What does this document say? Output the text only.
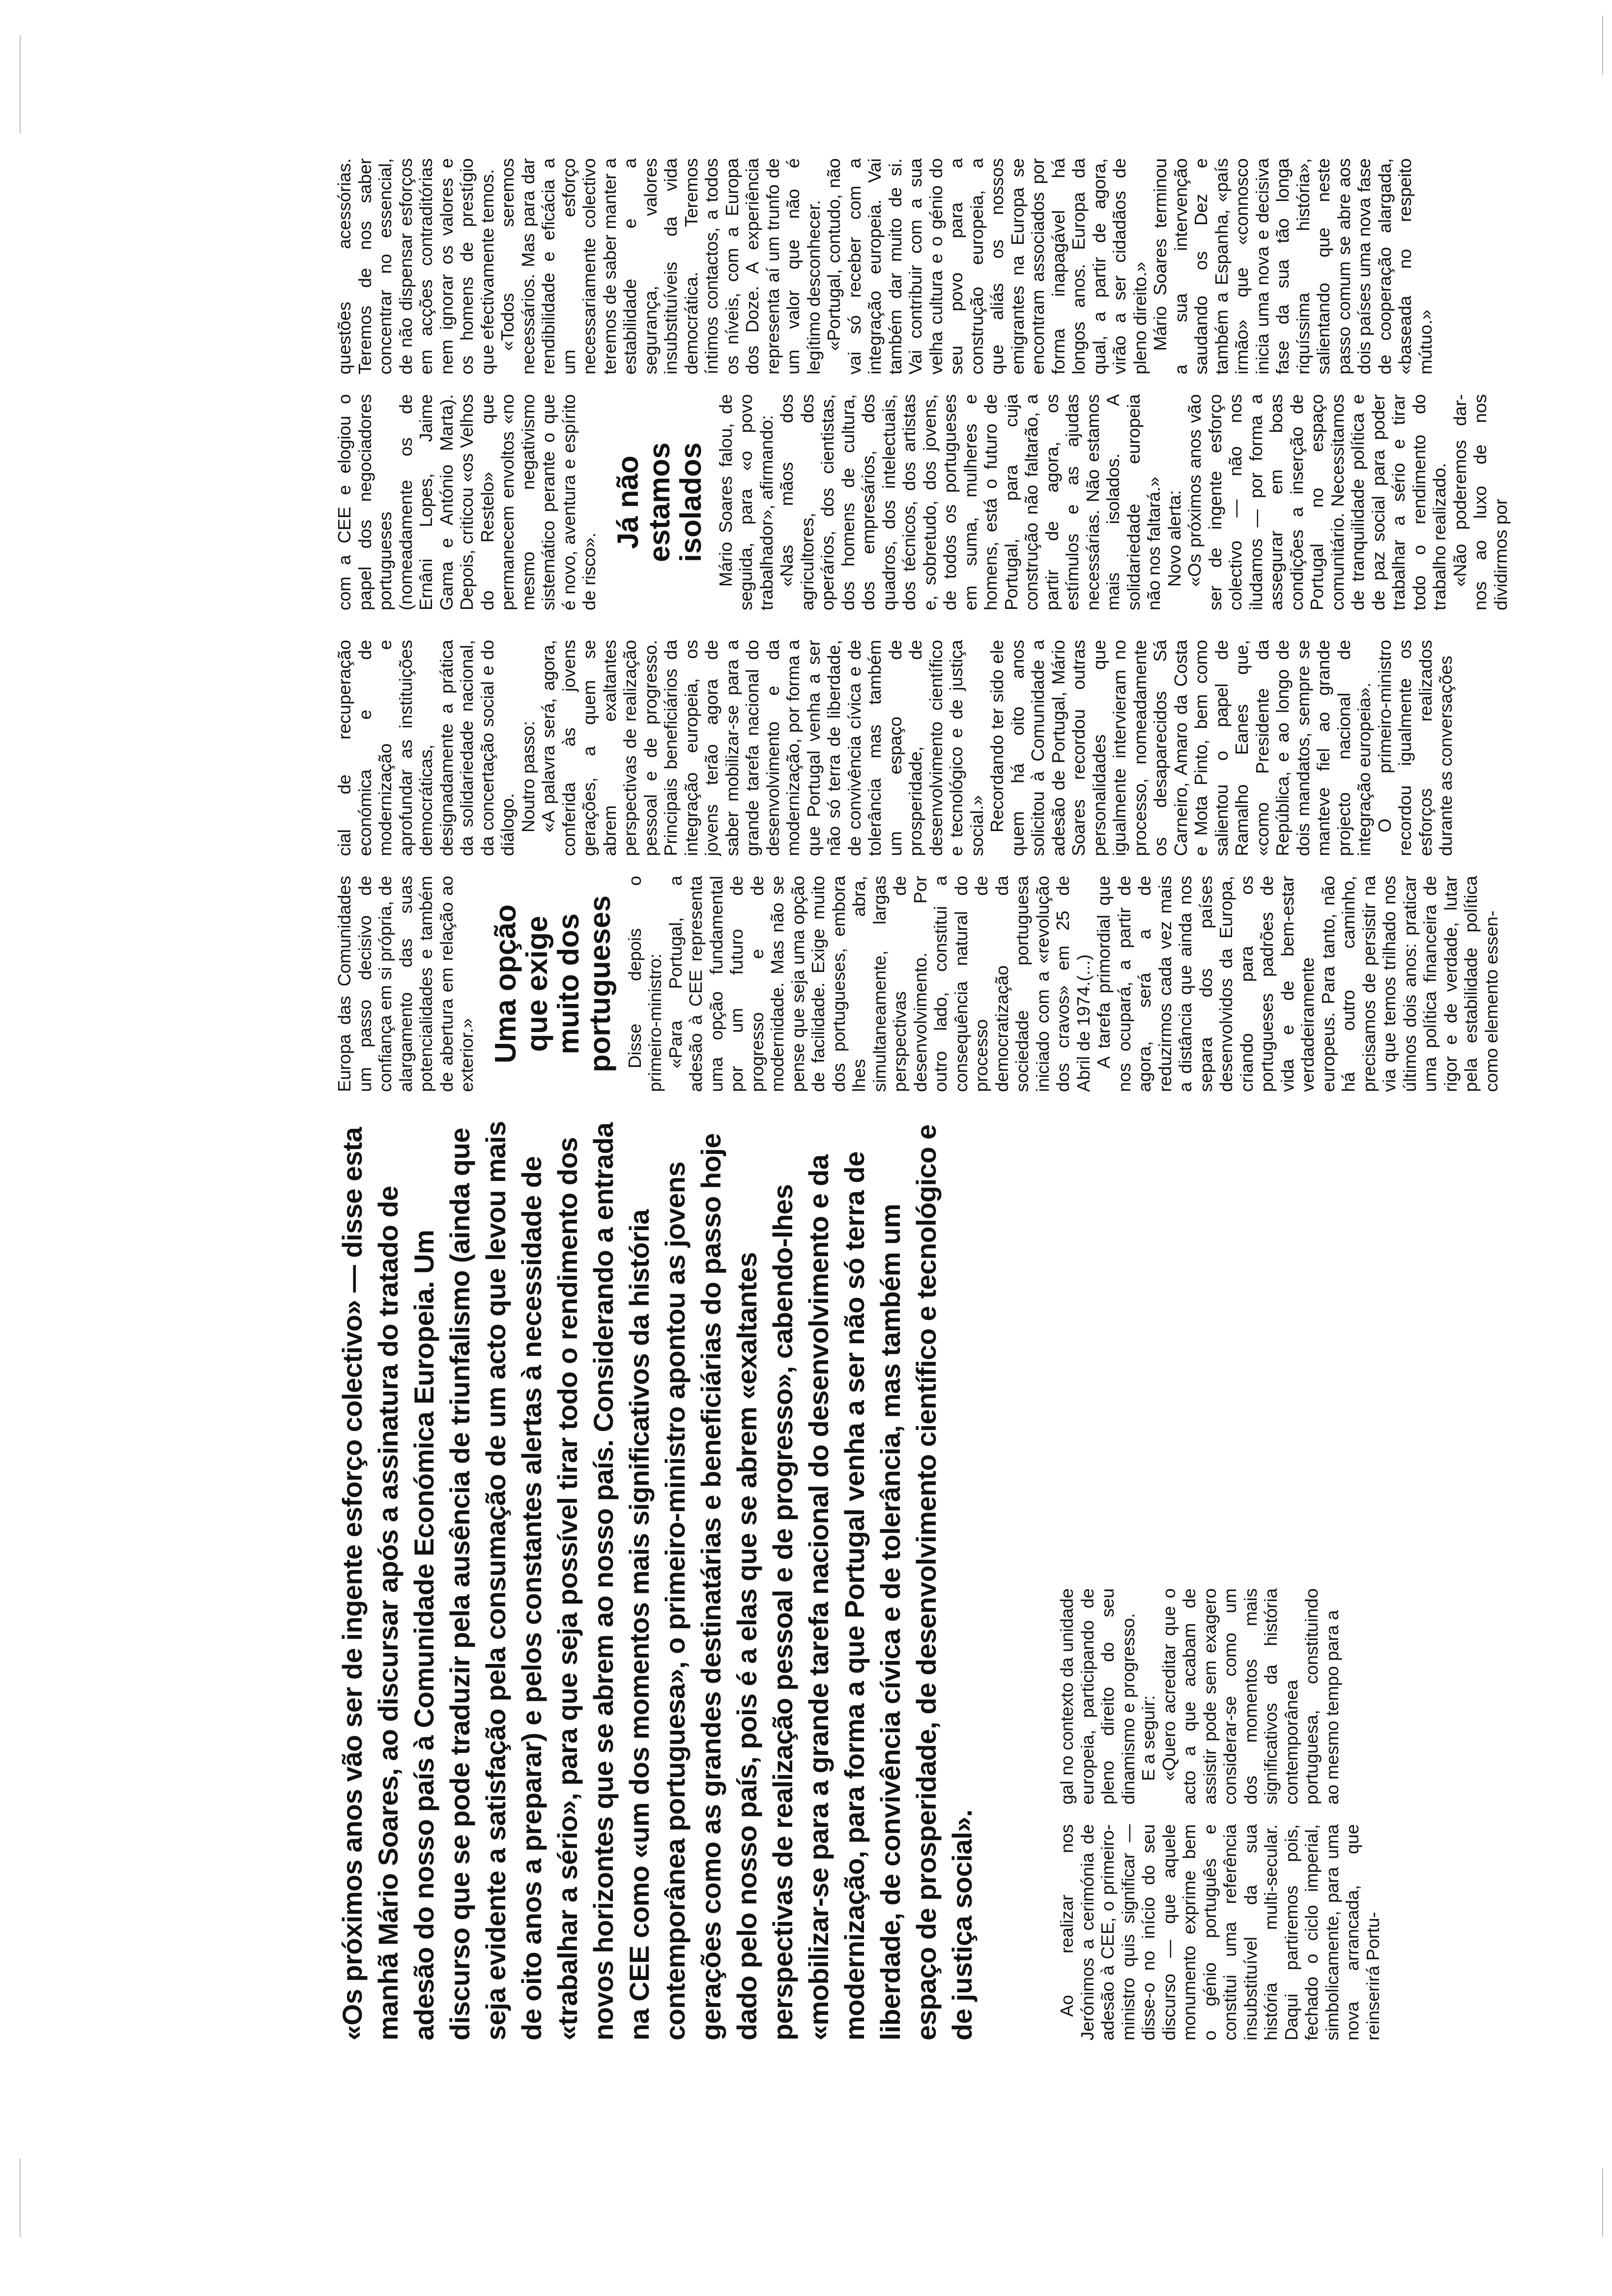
«Os próximos anos vão ser de ingente esforço colectivo» — disse esta manhã Mário Soares, ao discursar após a assinatura do tratado de adesão do nosso país à Comunidade Económica Europeia. Um discurso que se pode traduzir pela ausência de triunfalismo (ainda que seja evidente a satisfação pela consumação de um acto que levou mais de oito anos a preparar) e pelos constantes alertas à necessidade de «trabalhar a sério», para que seja possível tirar todo o rendimento dos novos horizontes que se abrem ao nosso país. Considerando a entrada na CEE como «um dos momentos mais significativos da história contemporânea portuguesa», o primeiro-ministro apontou as jovens gerações como as grandes destinatárias e beneficiárias do passo hoje dado pelo nosso país, pois é a elas que se abrem «exaltantes perspectivas de realização pessoal e de progresso», cabendo-lhes «mobilizar-se para a grande tarefa nacional do desenvolvimento e da modernização, para forma a que Portugal venha a ser não só terra de liberdade, de convivência cívica e de tolerância, mas também um espaço de prosperidade, de desenvolvimento científico e tecnológico e de justiça social».	Ao realizar nos Jerónimos a cerimónia de adesão à CEE, o primeiro-ministro quis significar — disse-o no início do seu discurso — que aquele monumento exprime bem o génio português e constitui uma referência insubstituível da sua história multi-secular. Daqui partiremos pois, fechado o ciclo imperial, simbolicamente, para uma nova arrancada, que reinserirá Portu-

gal no contexto da unidade europeia, participando de pleno direito do seu dinamismo e progresso. E a seguir: «Quero acreditar que o acto a que acabam de assistir pode sem exagero considerar-se como um dos momentos mais significativos da história contemporânea portuguesa, constituindo ao mesmo tempo para a

Europa das Comunidades um passo decisivo de confiança em si própria, de alargamento das suas potencialidades e também de abertura em relação ao exterior.» Uma opção que exige muito dos portugueses Disse depois o primeiro-ministro: «Para Portugal, a adesão à CEE representa uma opção fundamental por um futuro de progresso e de modernidade. Mas não se pense que seja uma opção de facilidade. Exige muito dos portugueses, embora lhes abra, simultaneamente, largas perspectivas de desenvolvimento. Por outro lado, constitui a consequência natural do processo de democratização da sociedade portuguesa iniciado com a «revolução dos cravos» em 25 de Abril de 1974.(...) A tarefa primordial que nos ocupará, a partir de agora, será a de reduzirmos cada vez mais a distância que ainda nos separa dos países desenvolvidos da Europa, criando para os portugueses padrões de vida e de bem-estar verdadeiramente europeus. Para tanto, não há outro caminho, precisamos de persistir na via que temos trilhado nos últimos dois anos: praticar uma política financeira de rigor e de verdade, lutar pela estabilidade política como elemento essen-

cial de recuperação económica e de modernização e aprofundar as instituições democráticas, designadamente a prática da solidariedade nacional, da concertação social e do diálogo. Noutro passo: «A palavra será, agora, conferida às jovens gerações, a quem se abrem exaltantes perspectivas de realização pessoal e de progresso. Principais beneficiários da integração europeia, os jovens terão agora de saber mobilizar-se para a grande tarefa nacional do desenvolvimento e da modernização, por forma a que Portugal venha a ser não só terra de liberdade, de convivência cívica e de tolerância mas também um espaço de prosperidade, de desenvolvimento científico e tecnológico e de justiça social.» Recordando ter sido ele quem há oito anos solicitou à Comunidade a adesão de Portugal, Mário Soares recordou outras personalidades que igualmente intervieram no processo, nomeadamente os desaparecidos Sá Carneiro, Amaro da Costa e Mota Pinto, bem como salientou o papel de Ramalho Eanes que, «como Presidente da República, e ao longo de dois mandatos, sempre se manteve fiel ao grande projecto nacional de integração europeia». O primeiro-ministro recordou igualmente os esforços realizados durante as conversações

com a CEE e elogiou o papel dos negociadores portugueses (nomeadamente os de Ernâni Lopes, Jaime Gama e António Marta). Depois, criticou «os Velhos do Restelo» que permanecem envoltos «no mesmo negativismo sistemático perante o que é novo, aventura e espírito de risco».

Já não estamos isolados Mário Soares falou, de seguida, para «o povo trabalhador», afirmando: «Nas mãos dos agricultores, dos operários, dos cientistas, dos homens de cultura, dos empresários, dos quadros, dos intelectuais, dos técnicos, dos artistas e, sobretudo, dos jovens, de todos os portugueses em suma, mulheres e homens, está o futuro de Portugal, para cuja construção não faltarão, a partir de agora, os estímulos e as ajudas necessárias. Não estamos mais isolados. A solidariedade europeia não nos faltará.» Novo alerta: «Os próximos anos vão ser de ingente esforço colectivo — não nos iludamos — por forma a assegurar em boas condições a inserção de Portugal no espaço comunitário. Necessitamos de tranquilidade política e de paz social para poder trabalhar a sério e tirar todo o rendimento do trabalho realizado. «Não poderemos dar-nos ao luxo de nos dividirmos por

questões acessórias. Teremos de nos saber concentrar no essencial, de não dispensar esforços em acções contraditórias nem ignorar os valores e os homens de prestígio que efectivamente temos. «Todos seremos necessários. Mas para dar rendibilidade e eficácia a um esforço necessariamente colectivo teremos de saber manter a estabilidade e a segurança, valores insubstituíveis da vida democrática. Teremos íntimos contactos, a todos os níveis, com a Europa dos Doze. A experiência representa aí um trunfo de um valor que não é legítimo desconhecer. «Portugal, contudo, não vai só receber com a integração europeia. Vai também dar muito de si. Vai contribuir com a sua velha cultura e o génio do seu povo para a construção europeia, a que aliás os nossos emigrantes na Europa se encontram associados por forma inapagável há longos anos. Europa da qual, a partir de agora, virão a ser cidadãos de pleno direito.» Mário Soares terminou a sua intervenção saudando os Dez e também a Espanha, «país irmão» que «connosco inicia uma nova e decisiva fase da sua tão longa riquíssima história», salientando que neste passo comum se abre aos dois países uma nova fase de cooperação alargada, «baseada no respeito mútuo.»
